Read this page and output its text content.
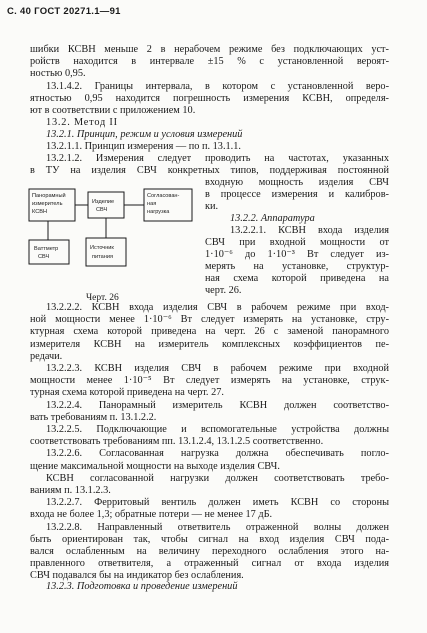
С. 40 ГОСТ 20271.1—91
шибки КСВН меньше 2 в нерабочем режиме без подключающих уст-
ройств находится в интервале ±15 % с установленной вероят-
ностью 0,95.
13.1.4.2. Границы интервала, в котором с установленной веро-
ятностью 0,95 находится погрешность измерения КСВН, определя-
ют в соответствии с приложением 10.
13.2. Метод II
13.2.1. Принцип, режим и условия измерений
13.2.1.1. Принцип измерения — по п. 13.1.1.
13.2.1.2. Измерения следует проводить на частотах, указанных
в ТУ на изделия СВЧ конкретных типов, поддерживая постоянной
входную мощность изделия СВЧ
в процессе измерения и калибров-
ки.
Панорамный
измеритель
КСВН
Изделие
СВЧ
Согласован-
ная
нагрузка
Ваттметр
СВЧ
Источник
питания
13.2.2. Аппаратура
13.2.2.1. КСВН входа изделия
СВЧ при входной мощности от
1·10⁻⁶ до 1·10⁻³ Вт следует из-
мерять на установке, структур-
ная схема которой приведена на
черт. 26.
Черт. 26
13.2.2.2. КСВН входа изделия СВЧ в рабочем режиме при вход-
ной мощности менее 1·10⁻⁶ Вт следует измерять на установке, стру-
ктурная схема которой приведена на черт. 26 с заменой панорамного
измерителя КСВН на измеритель комплексных коэффициентов пе-
редачи.
13.2.2.3. КСВН изделия СВЧ в рабочем режиме при входной
мощности менее 1·10⁻⁵ Вт следует измерять на установке, струк-
турная схема которой приведена на черт. 27.
13.2.2.4. Панорамный измеритель КСВН должен соответство-
вать требованиям п. 13.1.2.2.
13.2.2.5. Подключающие и вспомогательные устройства должны
соответствовать требованиям пп. 13.1.2.4, 13.1.2.5 соответственно.
13.2.2.6. Согласованная нагрузка должна обеспечивать погло-
щение максимальной мощности на выходе изделия СВЧ.
КСВН согласованной нагрузки должен соответствовать требо-
ваниям п. 13.1.2.3.
13.2.2.7. Ферритовый вентиль должен иметь КСВН со стороны
входа не более 1,3; обратные потери — не менее 17 дБ.
13.2.2.8. Направленный ответвитель отраженной волны должен
быть ориентирован так, чтобы сигнал на вход изделия СВЧ пода-
вался ослабленным на величину переходного ослабления этого на-
правленного ответвителя, а отраженный сигнал от входа изделия
СВЧ подавался бы на индикатор без ослабления.
13.2.3. Подготовка и проведение измерений
